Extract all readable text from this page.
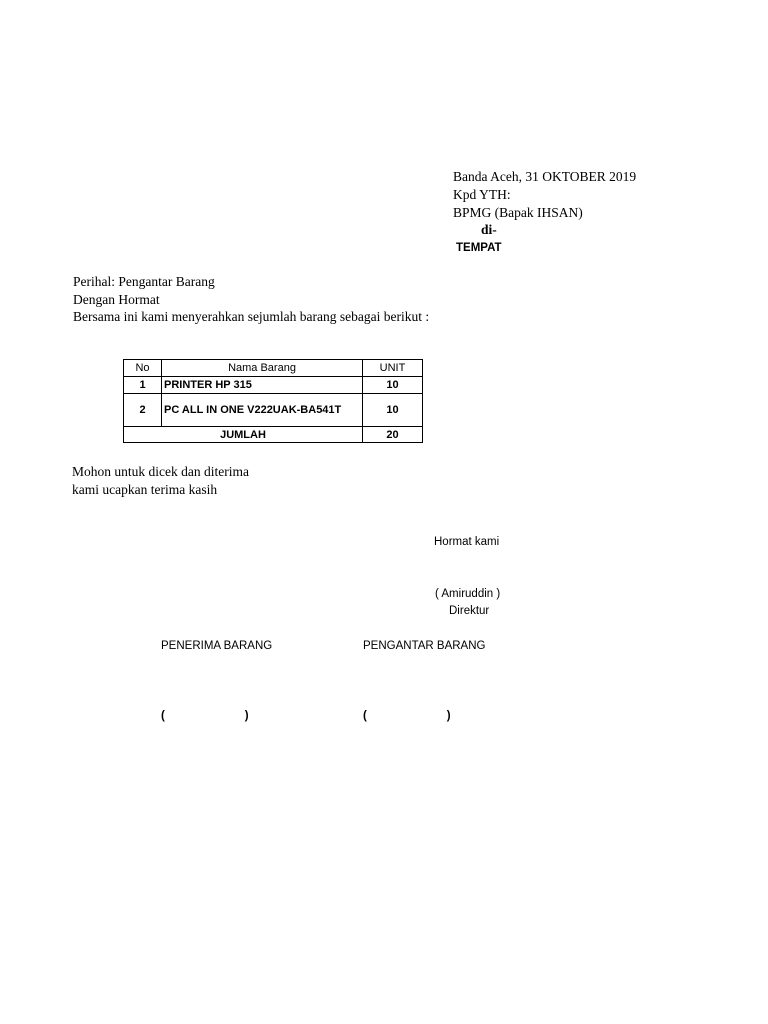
Banda Aceh, 31 OKTOBER 2019
Kpd YTH:
BPMG (Bapak IHSAN)
di-
TEMPAT
Perihal: Pengantar Barang
Dengan Hormat
Bersama ini kami menyerahkan sejumlah barang sebagai berikut :
No	Nama Barang	UNIT
1	PRINTER HP 315	10
2	PC ALL IN ONE V222UAK-BA541T	10
JUMLAH		20
Mohon untuk dicek dan diterima
kami ucapkan terima kasih
Hormat kami
( Amiruddin )
Direktur
PENERIMA BARANG	PENGANTAR BARANG
(                         )	(                         )
